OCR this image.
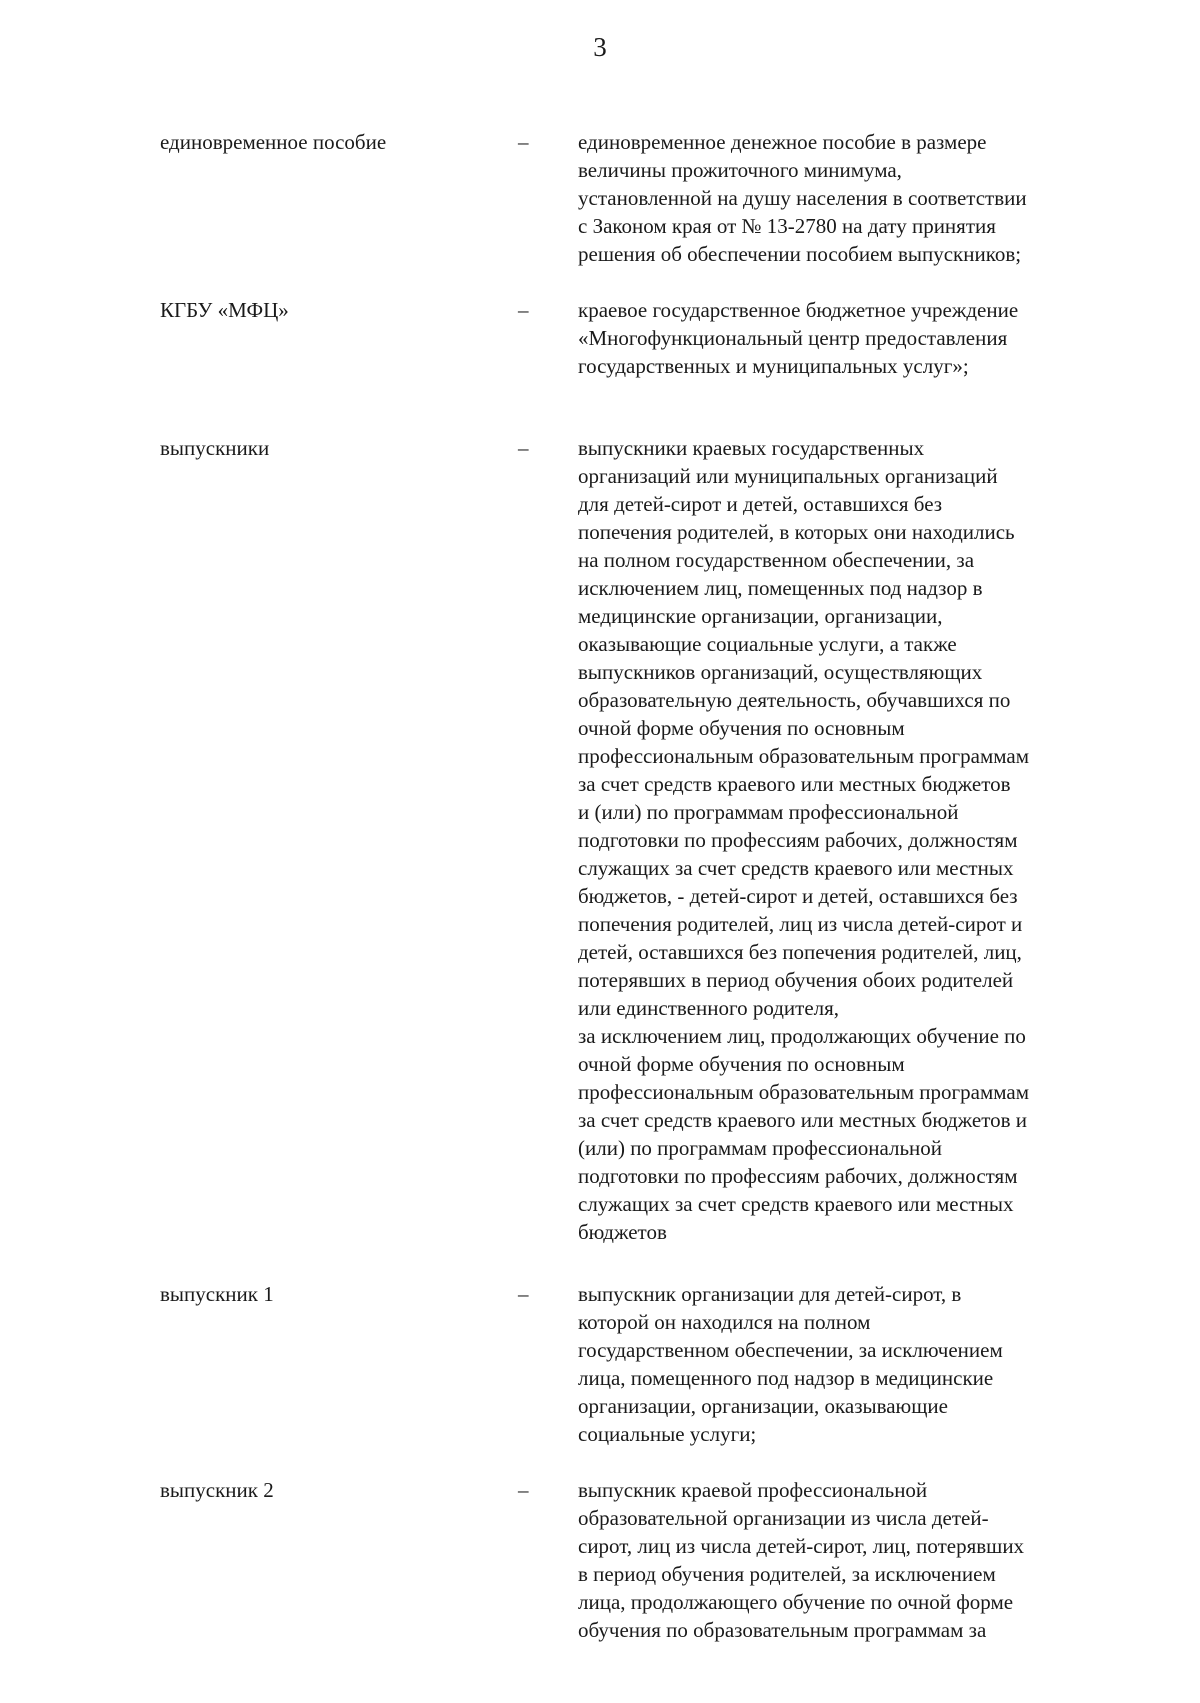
3
единовременное пособие	– единовременное денежное пособие в размере
величины прожиточного минимума,
установленной на душу населения в соответствии
с Законом края от № 13-2780 на дату принятия
решения об обеспечении пособием выпускников;
КГБУ «МФЦ»	– краевое государственное бюджетное учреждение
«Многофункциональный центр предоставления
государственных и муниципальных услуг»;
выпускники	– выпускники краевых государственных
организаций или муниципальных организаций
для детей-сирот и детей, оставшихся без
попечения родителей, в которых они находились
на полном государственном обеспечении, за
исключением лиц, помещенных под надзор в
медицинские организации, организации,
оказывающие социальные услуги, а также
выпускников организаций, осуществляющих
образовательную деятельность, обучавшихся по
очной форме обучения по основным
профессиональным образовательным программам
за счет средств краевого или местных бюджетов
и (или) по программам профессиональной
подготовки по профессиям рабочих, должностям
служащих за счет средств краевого или местных
бюджетов, - детей-сирот и детей, оставшихся без
попечения родителей, лиц из числа детей-сирот и
детей, оставшихся без попечения родителей, лиц,
потерявших в период обучения обоих родителей
или единственного родителя,
за исключением лиц, продолжающих обучение по
очной форме обучения по основным
профессиональным образовательным программам
за счет средств краевого или местных бюджетов и
(или) по программам профессиональной
подготовки по профессиям рабочих, должностям
служащих за счет средств краевого или местных
бюджетов
выпускник 1	– выпускник организации для детей-сирот, в
которой он находился на полном
государственном обеспечении, за исключением
лица, помещенного под надзор в медицинские
организации, организации, оказывающие
социальные услуги;
выпускник 2	– выпускник краевой профессиональной
образовательной организации из числа детей-
сирот, лиц из числа детей-сирот, лиц, потерявших
в период обучения родителей, за исключением
лица, продолжающего обучение по очной форме
обучения по образовательным программам за
